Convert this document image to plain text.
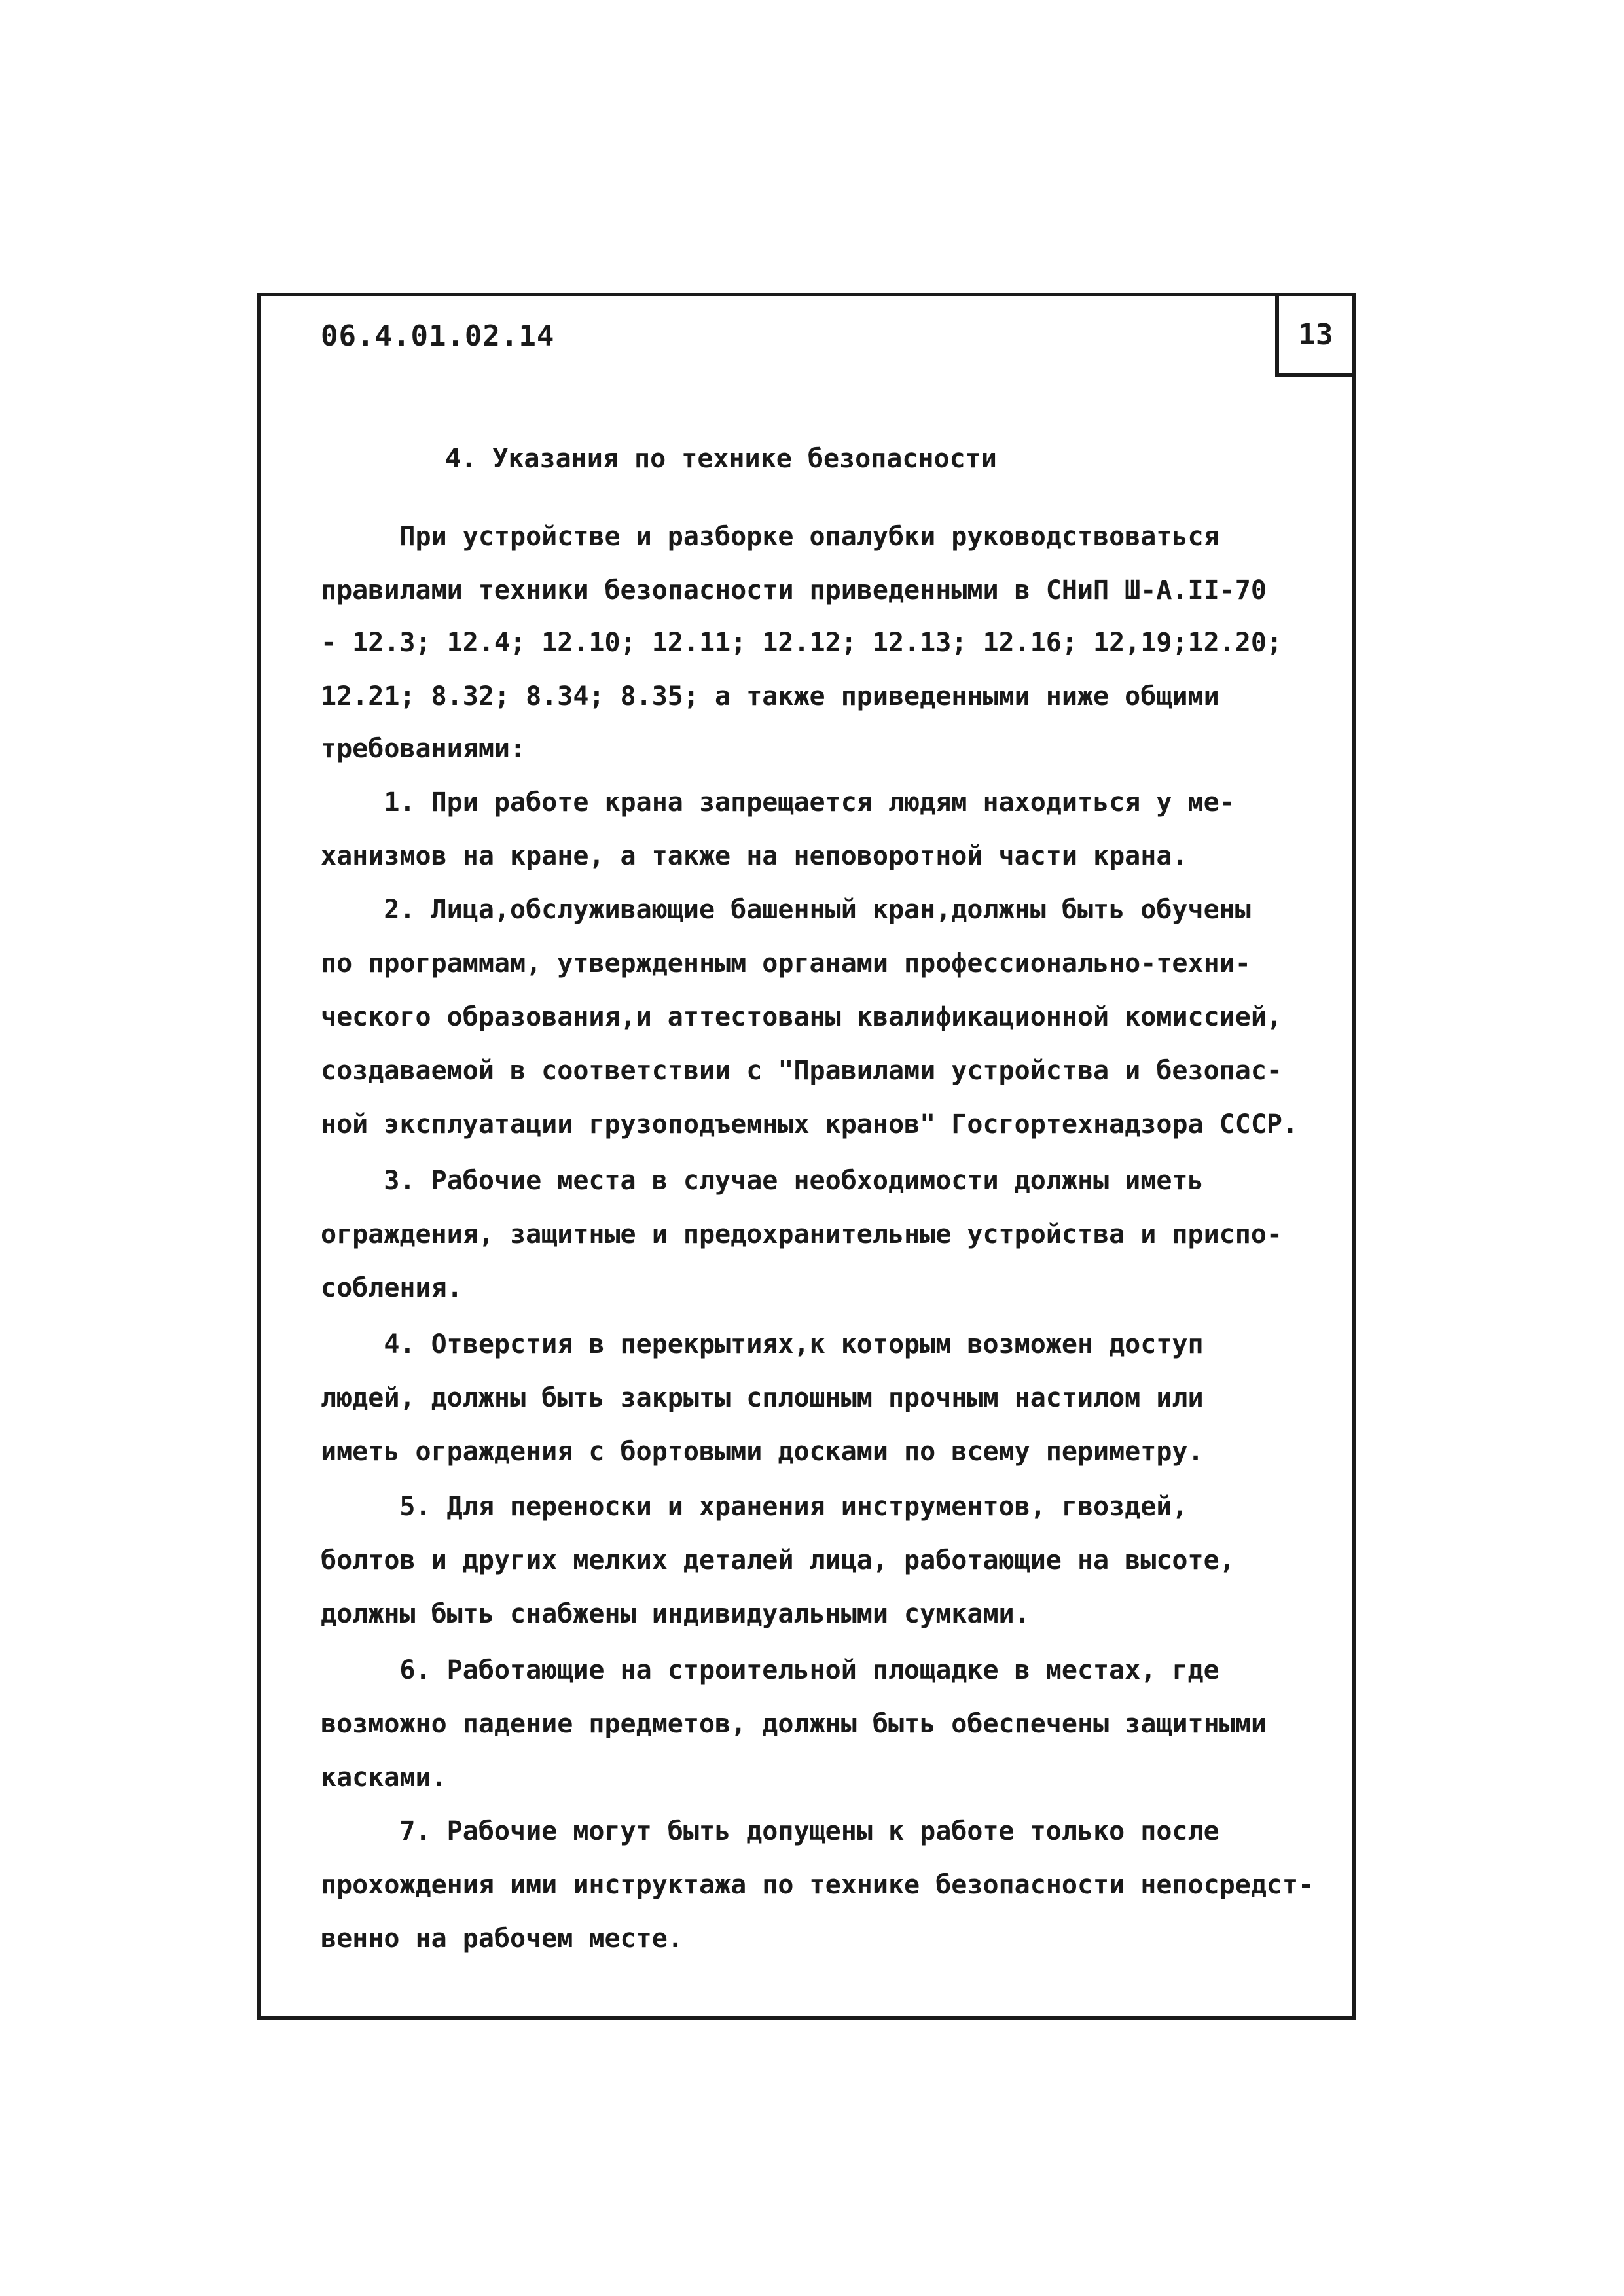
06.4.01.02.14	13
4. Указания по технике безопасности
При устройстве и разборке опалубки руководствоваться
правилами техники безопасности приведенными в СНиП Ш-А.II-70
- 12.3; 12.4; 12.10; 12.11; 12.12; 12.13; 12.16; 12,19;12.20;
12.21; 8.32; 8.34; 8.35; а также приведенными ниже общими
требованиями:
1. При работе крана запрещается людям находиться у ме-
ханизмов на кране, а также на неповоротной части крана.
2. Лица,обслуживающие башенный кран,должны быть обучены
по программам, утвержденным органами профессионально-техни-
ческого образования,и аттестованы квалификационной комиссией,
создаваемой в соответствии с "Правилами устройства и безопас-
ной эксплуатации грузоподъемных кранов" Госгортехнадзора СССР.
3. Рабочие места в случае необходимости должны иметь
ограждения, защитные и предохранительные устройства и приспо-
собления.
4. Отверстия в перекрытиях,к которым возможен доступ
людей, должны быть закрыты сплошным прочным настилом или
иметь ограждения с бортовыми досками по всему периметру.
5. Для переноски и хранения инструментов, гвоздей,
болтов и других мелких деталей лица, работающие на высоте,
должны быть снабжены индивидуальными сумками.
6. Работающие на строительной площадке в местах, где
возможно падение предметов, должны быть обеспечены защитными
касками.
7. Рабочие могут быть допущены к работе только после
прохождения ими инструктажа по технике безопасности непосредст-
венно на рабочем месте.
